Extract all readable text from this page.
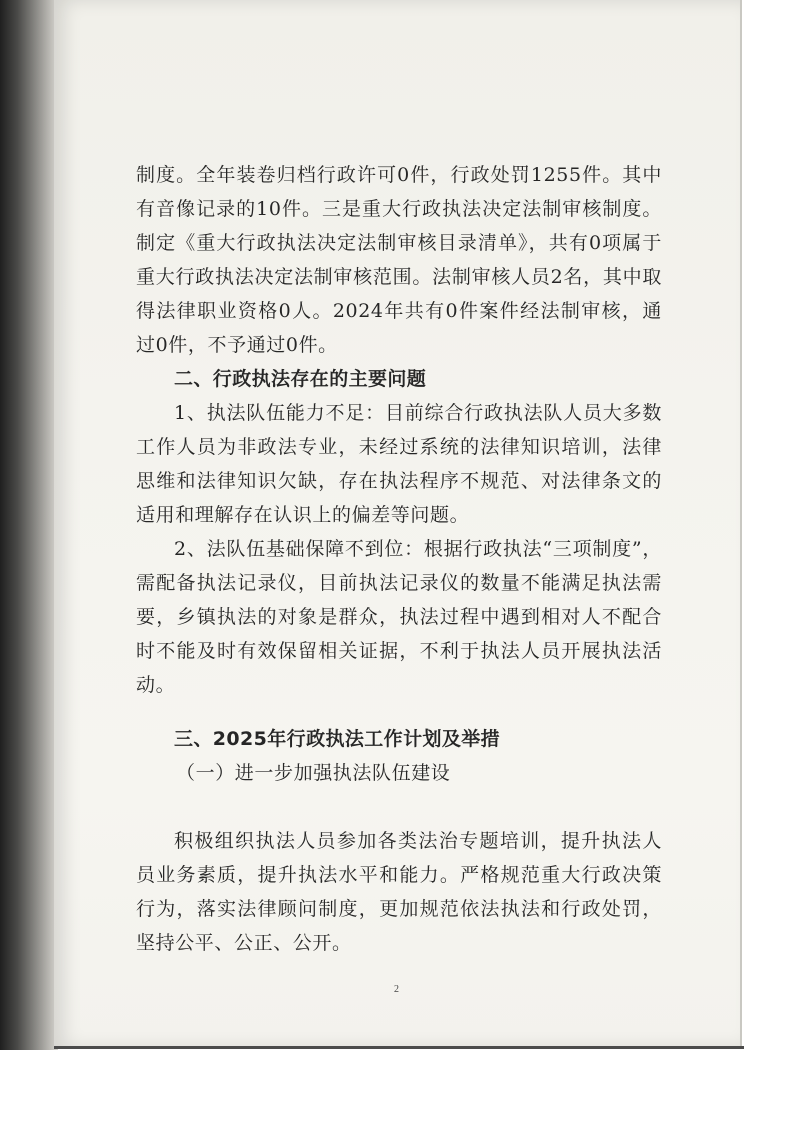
制度。全年装卷归档行政许可0件，行政处罚1255件。其中有音像记录的10件。三是重大行政执法决定法制审核制度。制定《重大行政执法决定法制审核目录清单》，共有0项属于重大行政执法决定法制审核范围。法制审核人员2名，其中取得法律职业资格0人。2024年共有0件案件经法制审核，通过0件，不予通过0件。

二、行政执法存在的主要问题

1、执法队伍能力不足：目前综合行政执法队人员大多数工作人员为非政法专业，未经过系统的法律知识培训，法律思维和法律知识欠缺，存在执法程序不规范、对法律条文的适用和理解存在认识上的偏差等问题。

2、法队伍基础保障不到位：根据行政执法“三项制度”，需配备执法记录仪，目前执法记录仪的数量不能满足执法需要，乡镇执法的对象是群众，执法过程中遇到相对人不配合时不能及时有效保留相关证据，不利于执法人员开展执法活动。

三、2025年行政执法工作计划及举措

（一）进一步加强执法队伍建设

积极组织执法人员参加各类法治专题培训，提升执法人员业务素质，提升执法水平和能力。严格规范重大行政决策行为，落实法律顾问制度，更加规范依法执法和行政处罚，坚持公平、公正、公开。

2
